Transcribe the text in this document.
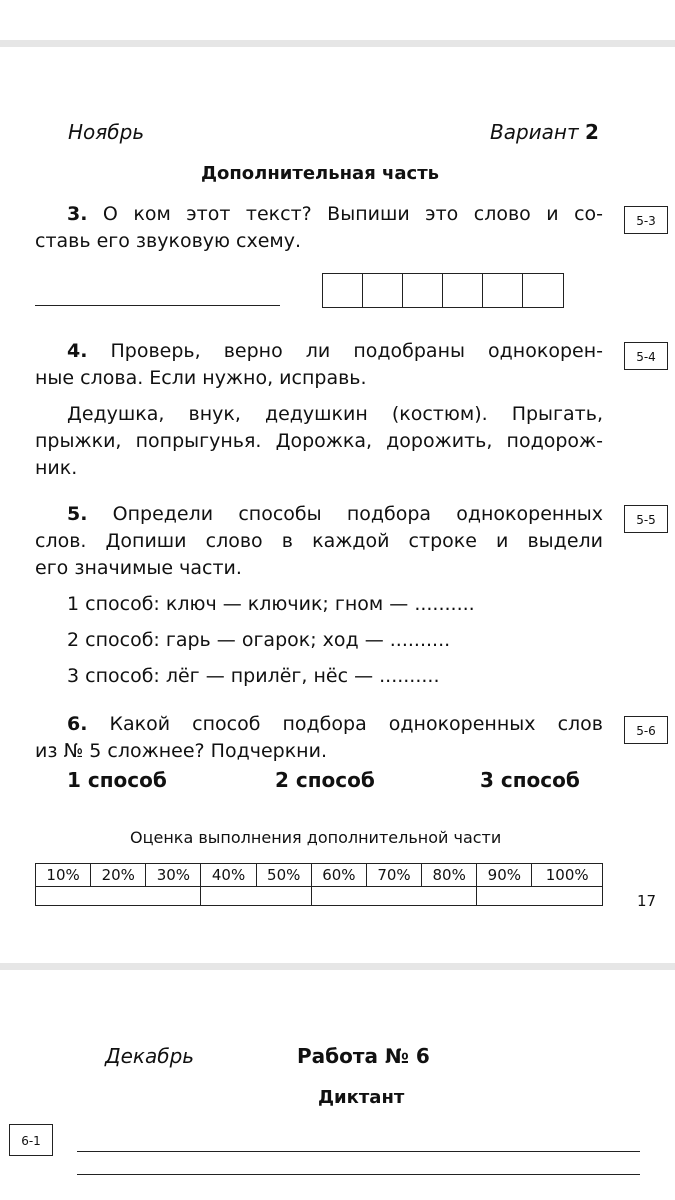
Ноябрь	Вариант 2
Дополнительная часть
3. О ком этот текст? Выпиши это слово и со-
ставь его звуковую схему.
5-3
4. Проверь, верно ли подобраны однокорен-
ные слова. Если нужно, исправь.
Дедушка, внук, дедушкин (костюм). Прыгать,
прыжки, попрыгунья. Дорожка, дорожить, подорож-
ник.
5-4
5. Определи способы подбора однокоренных
слов. Допиши слово в каждой строке и выдели
его значимые части.
5-5
1 способ: ключ — ключик; гном — ..........
2 способ: гарь — огарок; ход — ..........
3 способ: лёг — прилёг, нёс — ..........
6. Какой способ подбора однокоренных слов
из № 5 сложнее? Подчеркни.
5-6
1 способ	2 способ	3 способ
Оценка выполнения дополнительной части
10%	20%	30%	40%	50%	60%	70%	80%	90%	100%

17
Декабрь	Работа № 6
Диктант
6-1
